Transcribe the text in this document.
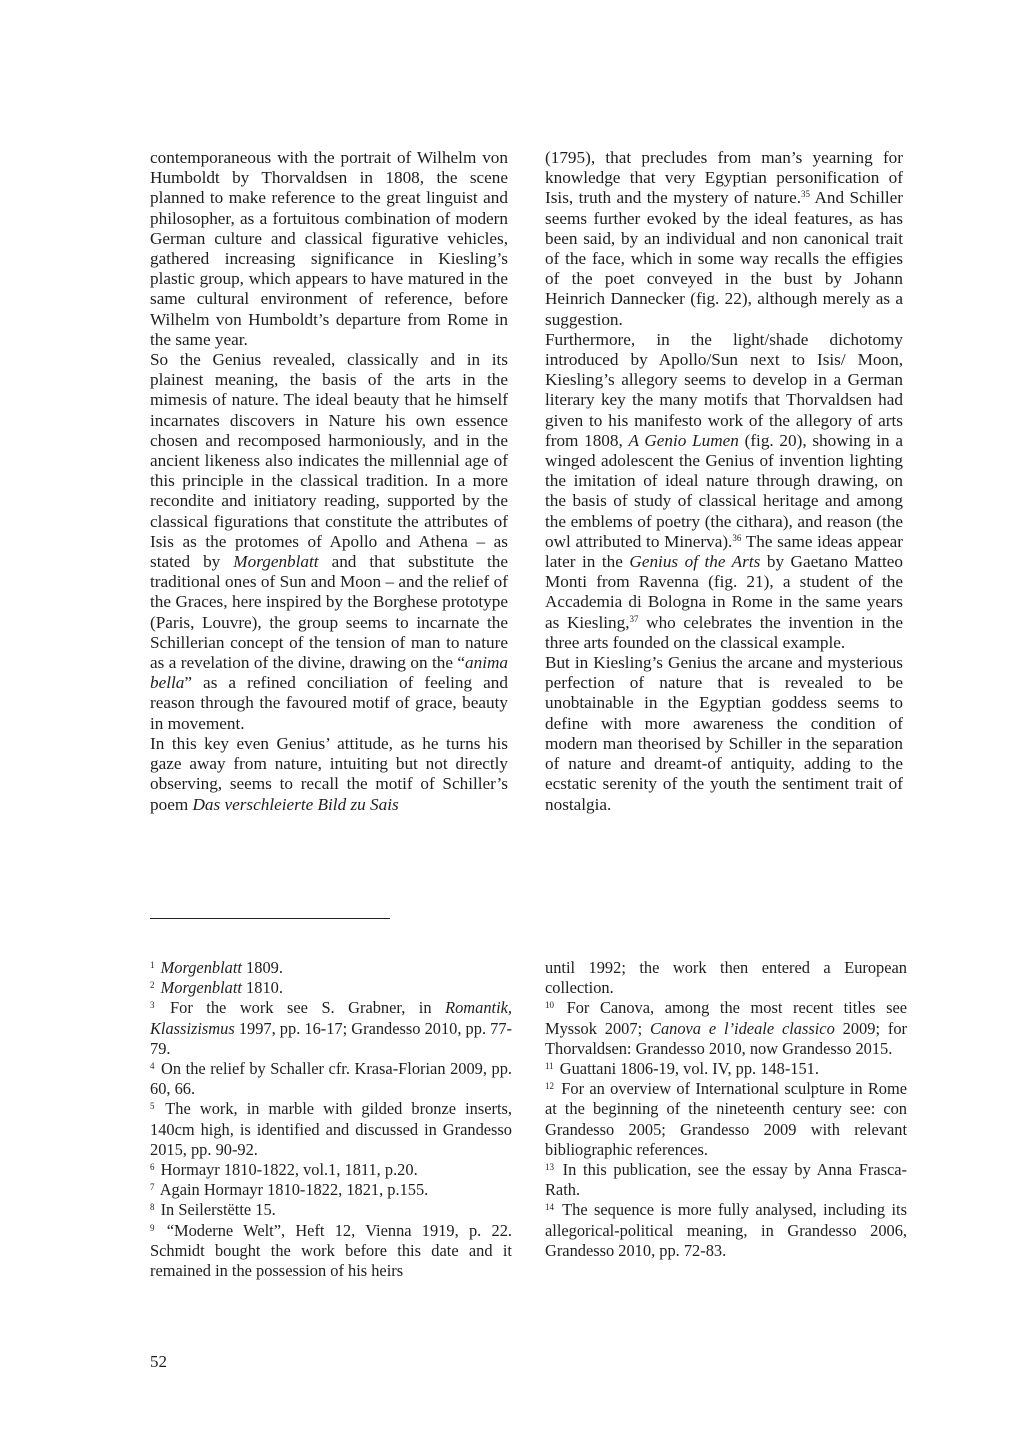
contemporaneous with the portrait of Wilhelm von Humboldt by Thorvaldsen in 1808, the scene planned to make reference to the great linguist and philosopher, as a fortuitous combination of modern German culture and classical figurative vehicles, gathered increasing significance in Kiesling’s plastic group, which appears to have matured in the same cultural environment of reference, before Wilhelm von Humboldt’s departure from Rome in the same year.

So the Genius revealed, classically and in its plainest meaning, the basis of the arts in the mimesis of nature. The ideal beauty that he himself incarnates discovers in Nature his own essence chosen and recomposed harmoniously, and in the ancient likeness also indicates the millennial age of this principle in the classical tradition. In a more recondite and initiatory reading, supported by the classical figurations that constitute the attributes of Isis as the protomes of Apollo and Athena – as stated by Morgenblatt and that substitute the traditional ones of Sun and Moon – and the relief of the Graces, here inspired by the Borghese prototype (Paris, Louvre), the group seems to incarnate the Schillerian concept of the tension of man to nature as a revelation of the divine, drawing on the “anima bella” as a refined conciliation of feeling and reason through the favoured motif of grace, beauty in movement.

In this key even Genius’ attitude, as he turns his gaze away from nature, intuiting but not directly observing, seems to recall the motif of Schiller’s poem Das verschleierte Bild zu Sais

(1795), that precludes from man’s yearning for knowledge that very Egyptian personification of Isis, truth and the mystery of nature.$^{35}$ And Schiller seems further evoked by the ideal features, as has been said, by an individual and non canonical trait of the face, which in some way recalls the effigies of the poet conveyed in the bust by Johann Heinrich Dannecker (fig. 22), although merely as a suggestion.

Furthermore, in the light/shade dichotomy introduced by Apollo/Sun next to Isis/ Moon, Kiesling’s allegory seems to develop in a German literary key the many motifs that Thorvaldsen had given to his manifesto work of the allegory of arts from 1808, A Genio Lumen (fig. 20), showing in a winged adolescent the Genius of invention lighting the imitation of ideal nature through drawing, on the basis of study of classical heritage and among the emblems of poetry (the cithara), and reason (the owl attributed to Minerva).$^{36}$ The same ideas appear later in the Genius of the Arts by Gaetano Matteo Monti from Ravenna (fig. 21), a student of the Accademia di Bologna in Rome in the same years as Kiesling,$^{37}$ who celebrates the invention in the three arts founded on the classical example.

But in Kiesling’s Genius the arcane and mysterious perfection of nature that is revealed to be unobtainable in the Egyptian goddess seems to define with more awareness the condition of modern man theorised by Schiller in the separation of nature and dreamt-of antiquity, adding to the ecstatic serenity of the youth the sentiment trait of nostalgia.

$^1$ Morgenblatt 1809.

$^2$ Morgenblatt 1810.

$^3$ For the work see S. Grabner, in Romantik, Klassizismus 1997, pp. 16-17; Grandesso 2010, pp. 77-79.

$^4$ On the relief by Schaller cfr. Krasa-Florian 2009, pp. 60, 66.

$^5$ The work, in marble with gilded bronze inserts, 140cm high, is identified and discussed in Grandesso 2015, pp. 90-92.

$^6$ Hormayr 1810-1822, vol.1, 1811, p.20.

$^7$ Again Hormayr 1810-1822, 1821, p.155.

$^8$ In Seilerstëtte 15.

$^9$ “Moderne Welt”, Heft 12, Vienna 1919, p. 22. Schmidt bought the work before this date and it remained in the possession of his heirs

until 1992; the work then entered a European collection.

$^{10}$ For Canova, among the most recent titles see Myssok 2007; Canova e l’ideale classico 2009; for Thorvaldsen: Grandesso 2010, now Grandesso 2015.

$^{11}$ Guattani 1806-19, vol. IV, pp. 148-151.

$^{12}$ For an overview of International sculpture in Rome at the beginning of the nineteenth century see: con Grandesso 2005; Grandesso 2009 with relevant bibliographic references.

$^{13}$ In this publication, see the essay by Anna Frasca-Rath.

$^{14}$ The sequence is more fully analysed, including its allegorical-political meaning, in Grandesso 2006, Grandesso 2010, pp. 72-83.

52
